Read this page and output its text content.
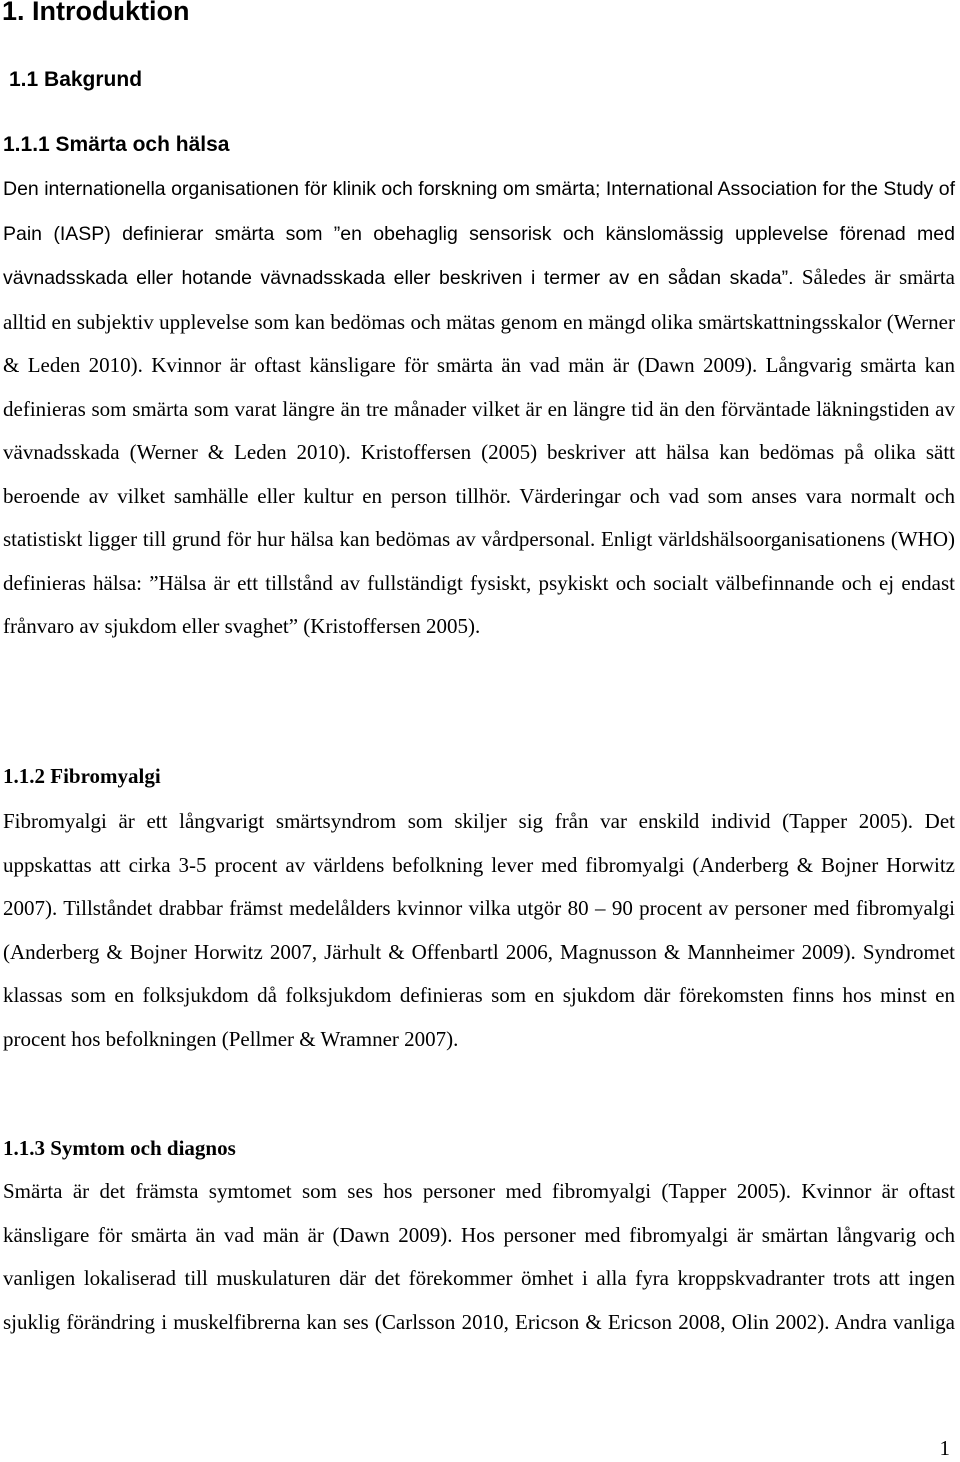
1. Introduktion
1.1 Bakgrund
1.1.1 Smärta och hälsa

Den internationella organisationen för klinik och forskning om smärta; International Association for the Study of Pain (IASP) definierar smärta som ”en obehaglig sensorisk och känslomässig upplevelse förenad med vävnadsskada eller hotande vävnadsskada eller beskriven i termer av en sådan skada”. Således är smärta alltid en subjektiv upplevelse som kan bedömas och mätas genom en mängd olika smärtskattningsskalor (Werner & Leden 2010). Kvinnor är oftast känsligare för smärta än vad män är (Dawn 2009). Långvarig smärta kan definieras som smärta som varat längre än tre månader vilket är en längre tid än den förväntade läkningstiden av vävnadsskada (Werner & Leden 2010). Kristoffersen (2005) beskriver att hälsa kan bedömas på olika sätt beroende av vilket samhälle eller kultur en person tillhör. Värderingar och vad som anses vara normalt och statistiskt ligger till grund för hur hälsa kan bedömas av vårdpersonal. Enligt världshälsoorganisationens (WHO) definieras hälsa: ”Hälsa är ett tillstånd av fullständigt fysiskt, psykiskt och socialt välbefinnande och ej endast frånvaro av sjukdom eller svaghet” (Kristoffersen 2005).

1.1.2 Fibromyalgi

Fibromyalgi är ett långvarigt smärtsyndrom som skiljer sig från var enskild individ (Tapper 2005). Det uppskattas att cirka 3-5 procent av världens befolkning lever med fibromyalgi (Anderberg & Bojner Horwitz 2007). Tillståndet drabbar främst medelålders kvinnor vilka utgör 80 – 90 procent av personer med fibromyalgi (Anderberg & Bojner Horwitz 2007, Järhult & Offenbartl 2006, Magnusson & Mannheimer 2009). Syndromet klassas som en folksjukdom då folksjukdom definieras som en sjukdom där förekomsten finns hos minst en procent hos befolkningen (Pellmer & Wramner 2007).

1.1.3 Symtom och diagnos

Smärta är det främsta symtomet som ses hos personer med fibromyalgi (Tapper 2005). Kvinnor är oftast känsligare för smärta än vad män är (Dawn 2009). Hos personer med fibromyalgi är smärtan långvarig och vanligen lokaliserad till muskulaturen där det förekommer ömhet i alla fyra kroppskvadranter trots att ingen sjuklig förändring i muskelfibrerna kan ses (Carlsson 2010, Ericson & Ericson 2008, Olin 2002). Andra vanliga

1
